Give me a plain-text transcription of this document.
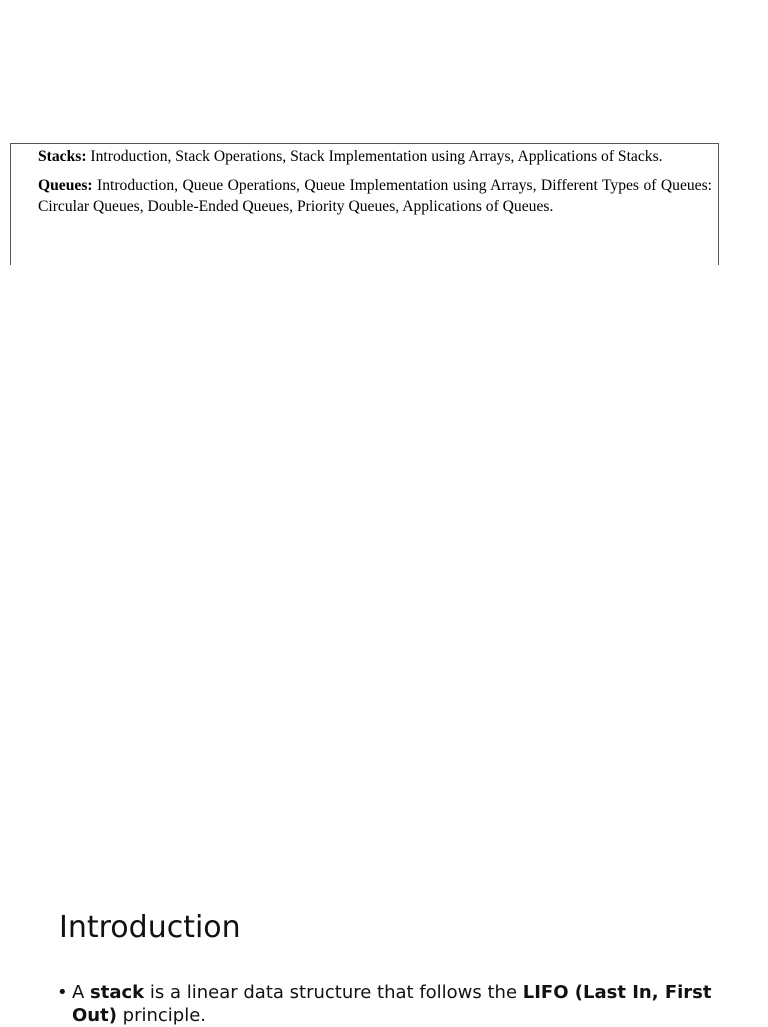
Stacks: Introduction, Stack Operations, Stack Implementation using Arrays, Applications of Stacks.

Queues: Introduction, Queue Operations, Queue Implementation using Arrays, Different Types of Queues: Circular Queues, Double-Ended Queues, Priority Queues, Applications of Queues.

Introduction
• A stack is a linear data structure that follows the LIFO (Last In, First Out) principle.
